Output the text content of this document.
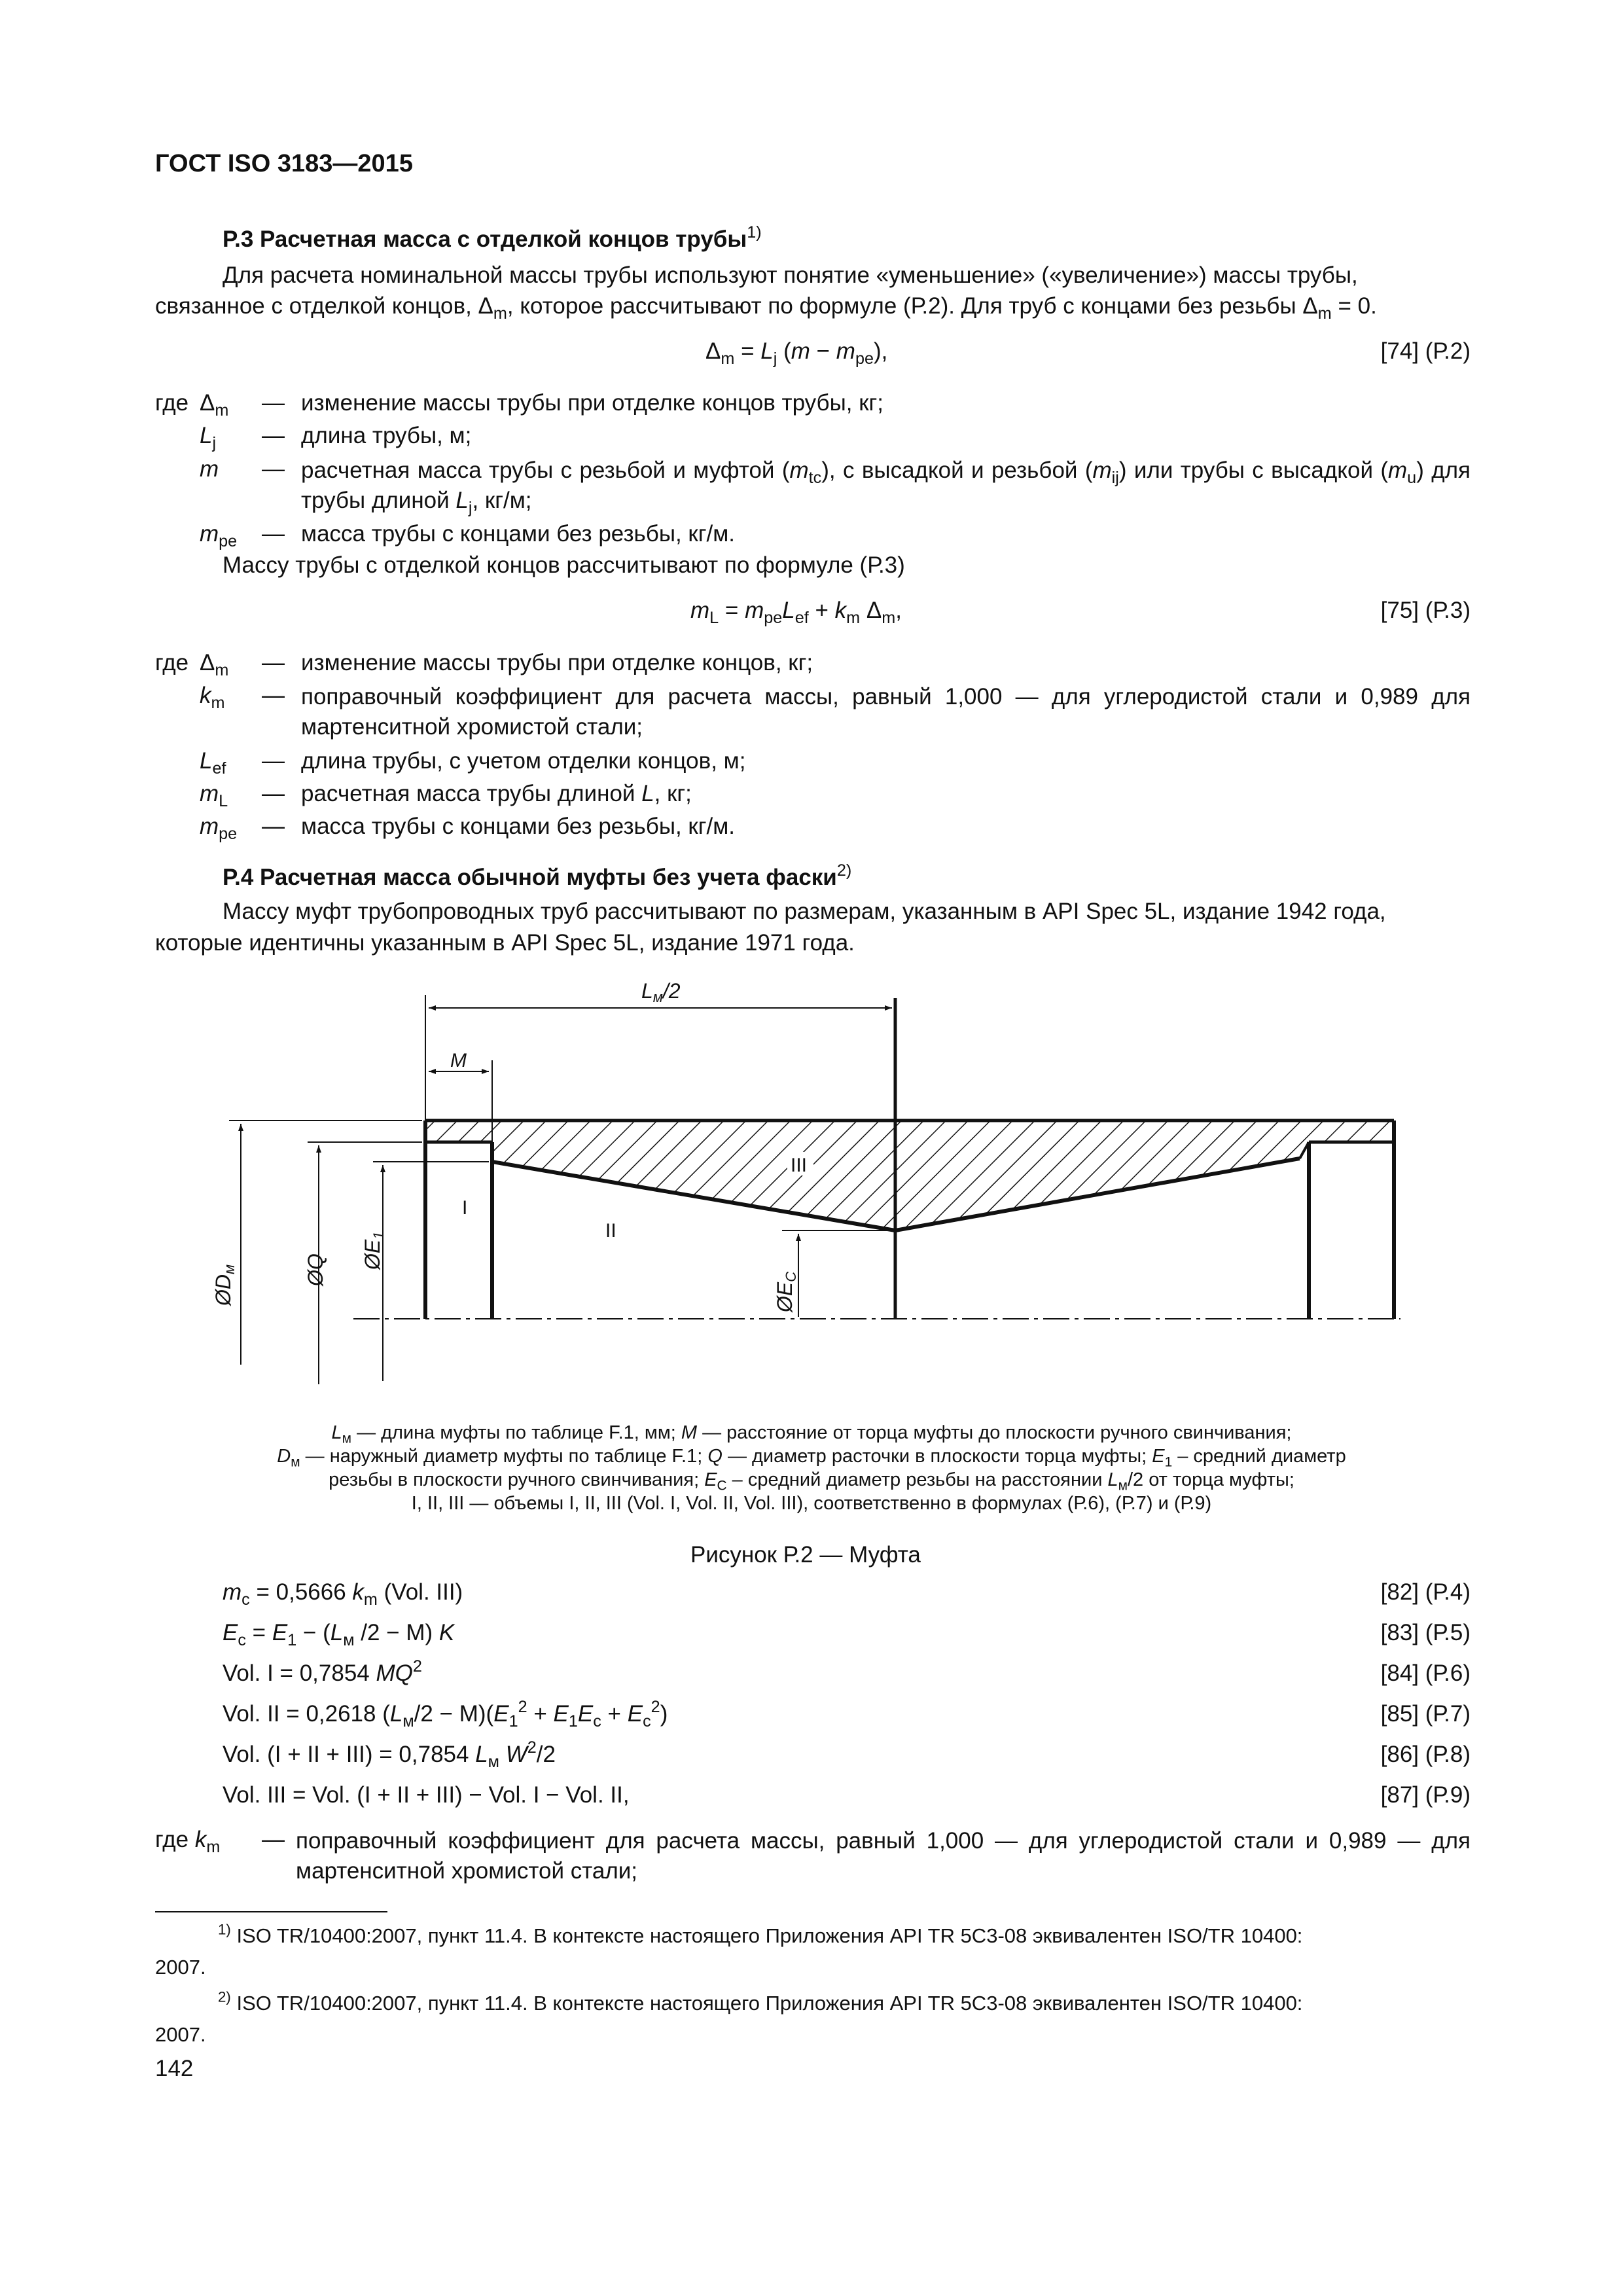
ГОСТ ISO 3183—2015
Р.3 Расчетная масса с отделкой концов трубы$^{1)}$
Для расчета номинальной массы трубы используют понятие «уменьшение» («увеличение») массы трубы,
связанное с отделкой концов, $\Delta_m$, которое рассчитывают по формуле (Р.2). Для труб с концами без резьбы $\Delta_m = 0$.
$\Delta_m = L_j$ $(m - m_{pe})$,	[74] (Р.2)
где $\Delta_m$ — изменение массы трубы при отделке концов трубы, кг;
$L_j$ — длина трубы, м;
m — расчетная масса трубы с резьбой и муфтой $(m_{tc})$, с высадкой и резьбой $(m_{ij})$ или трубы с высадкой $(m_u)$ для трубы длиной $L_j$, кг/м;
$m_{pe}$ — масса трубы с концами без резьбы, кг/м.
Массу трубы с отделкой концов рассчитывают по формуле (Р.3)
$m_L = m_{pe}L_{ef} + k_m$ $\Delta_m$,	[75] (Р.3)
где $\Delta_m$ — изменение массы трубы при отделке концов, кг;
$k_m$ — поправочный коэффициент для расчета массы, равный 1,000 — для углеродистой стали и 0,989 для мартенситной хромистой стали;
$L_{ef}$ — длина трубы, с учетом отделки концов, м;
$m_L$ — расчетная масса трубы длиной L, кг;
$m_{pe}$ — масса трубы с концами без резьбы, кг/м.
Р.4 Расчетная масса обычной муфты без учета фаски$^{2)}$
Массу муфт трубопроводных труб рассчитывают по размерам, указанным в API Spec 5L, издание 1942 года,
которые идентичны указанным в API Spec 5L, издание 1971 года.
Lм/2
M
ØDм	ØQ ØE1
ØEC
I
II
III
$L_м$ — длина муфты по таблице F.1, мм; M — расстояние от торца муфты до плоскости ручного свинчивания;
$D_м$ — наружный диаметр муфты по таблице F.1; Q — диаметр расточки в плоскости торца муфты; $E_1$ – средний диаметр
резьбы в плоскости ручного свинчивания; $E_C$ – средний диаметр резьбы на расстоянии $L_м/2$ от торца муфты;
I, II, III — объемы I, II, III (Vol. I, Vol. II, Vol. III), соответственно в формулах (Р.6), (Р.7) и (Р.9)
Рисунок Р.2 — Муфта
$m_c = 0,5666$ $k_m$ (Vol. III)	[82] (Р.4)
$E_c = E_1 - (L_м$ /2 − M) K	[83] (Р.5)
Vol. I = 0,7854 $MQ^2$	[84] (Р.6)
Vol. II = 0,2618 $(L_м/2 - M)(E_1^2 + E_1E_c + E_c^2)$	[85] (Р.7)
Vol. (I + II + III) = 0,7854 $L_м$ $W^2/2$	[86] (Р.8)
Vol. III = Vol. (I + II + III) − Vol. I − Vol. II,	[87] (Р.9)
где $k_m$ — поправочный коэффициент для расчета массы, равный 1,000 — для углеродистой стали и 0,989 — для мартенситной хромистой стали;
$^{1)}$ ISO TR/10400:2007, пункт 11.4. В контексте настоящего Приложения API TR 5C3-08 эквивалентен ISO/TR 10400:
2007.
$^{2)}$ ISO TR/10400:2007, пункт 11.4. В контексте настоящего Приложения API TR 5C3-08 эквивалентен ISO/TR 10400:
2007.
142
